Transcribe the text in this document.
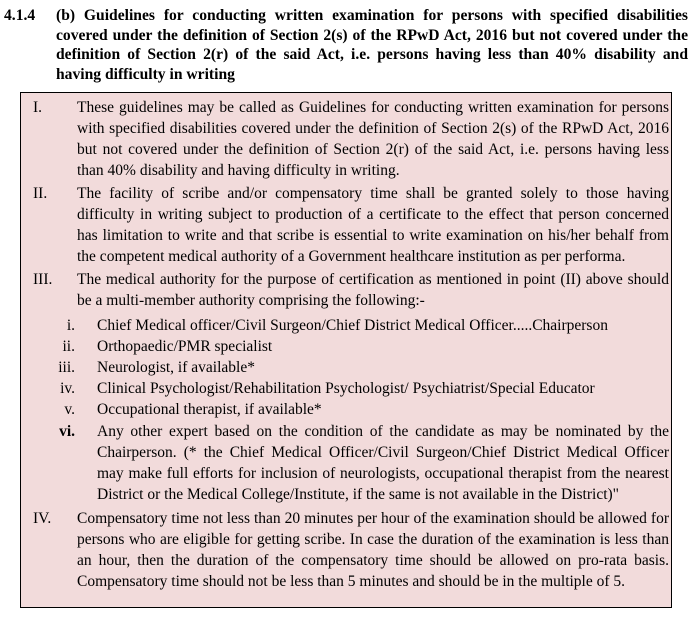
4.1.4 (b) Guidelines for conducting written examination for persons with specified disabilities covered under the definition of Section 2(s) of the RPwD Act, 2016 but not covered under the definition of Section 2(r) of the said Act, i.e. persons having less than 40% disability and having difficulty in writing
I. These guidelines may be called as Guidelines for conducting written examination for persons with specified disabilities covered under the definition of Section 2(s) of the RPwD Act, 2016 but not covered under the definition of Section 2(r) of the said Act, i.e. persons having less than 40% disability and having difficulty in writing.
II. The facility of scribe and/or compensatory time shall be granted solely to those having difficulty in writing subject to production of a certificate to the effect that person concerned has limitation to write and that scribe is essential to write examination on his/her behalf from the competent medical authority of a Government healthcare institution as per performa.
III. The medical authority for the purpose of certification as mentioned in point (II) above should be a multi-member authority comprising the following:-
i. Chief Medical officer/Civil Surgeon/Chief District Medical Officer.....Chairperson
ii. Orthopaedic/PMR specialist
iii. Neurologist, if available*
iv. Clinical Psychologist/Rehabilitation Psychologist/ Psychiatrist/Special Educator
v. Occupational therapist, if available*
vi. Any other expert based on the condition of the candidate as may be nominated by the Chairperson. (* the Chief Medical Officer/Civil Surgeon/Chief District Medical Officer may make full efforts for inclusion of neurologists, occupational therapist from the nearest District or the Medical College/Institute, if the same is not available in the District)"
IV. Compensatory time not less than 20 minutes per hour of the examination should be allowed for persons who are eligible for getting scribe. In case the duration of the examination is less than an hour, then the duration of the compensatory time should be allowed on pro-rata basis. Compensatory time should not be less than 5 minutes and should be in the multiple of 5.
